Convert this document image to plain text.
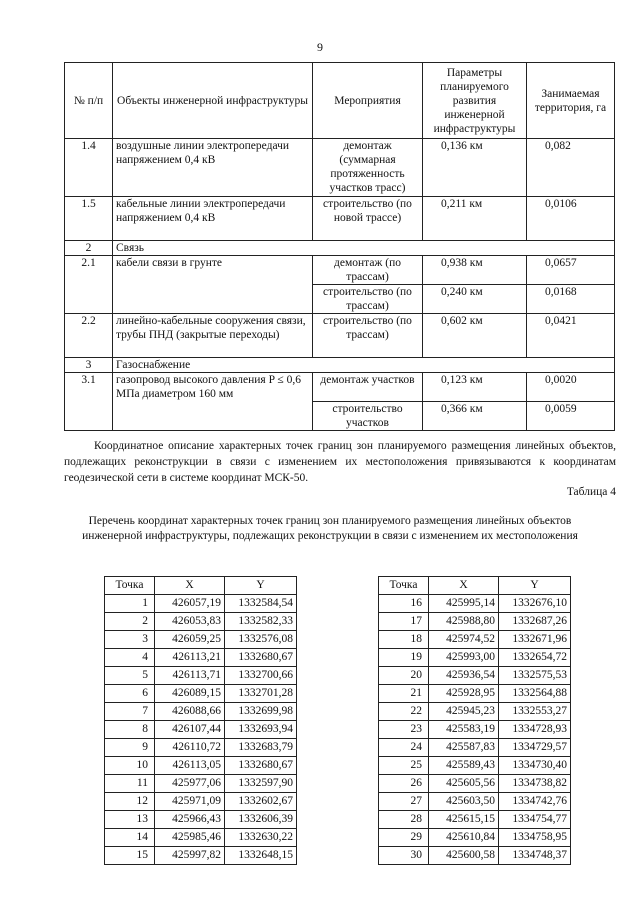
9
№ п/п	Объекты инженерной инфраструктуры	Мероприятия	Параметры планируемого развития инженерной инфраструктуры	Занимаемая территория, га
1.4	воздушные линии электропередачи напряжением 0,4 кВ	демонтаж (суммарная протяженность участков трасс)	0,136 км	0,082
1.5	кабельные линии электропередачи напряжением 0,4 кВ	строительство (по новой трассе)	0,211 км	0,0106
2	Связь			
2.1	кабели связи в грунте	демонтаж (по трассам)	0,938 км	0,0657
		строительство (по трассам)	0,240 км	0,0168
2.2	линейно-кабельные сооружения связи, трубы ПНД (закрытые переходы)	строительство (по трассам)	0,602 км	0,0421
3	Газоснабжение			
3.1	газопровод высокого давления P ≤ 0,6 МПа диаметром 160 мм	демонтаж участков	0,123 км	0,0020
		строительство участков	0,366 км	0,0059
Координатное описание характерных точек границ зон планируемого размещения линейных объектов, подлежащих реконструкции в связи с изменением их местоположения привязываются к координатам геодезической сети в системе координат МСК-50.
Таблица 4
Перечень координат характерных точек границ зон планируемого размещения линейных объектов инженерной инфраструктуры, подлежащих реконструкции в связи с изменением их местоположения
Точка	X	Y
1	426057,19	1332584,54
2	426053,83	1332582,33
3	426059,25	1332576,08
4	426113,21	1332680,67
5	426113,71	1332700,66
6	426089,15	1332701,28
7	426088,66	1332699,98
8	426107,44	1332693,94
9	426110,72	1332683,79
10	426113,05	1332680,67
11	425977,06	1332597,90
12	425971,09	1332602,67
13	425966,43	1332606,39
14	425985,46	1332630,22
15	425997,82	1332648,15
Точка	X	Y
16	425995,14	1332676,10
17	425988,80	1332687,26
18	425974,52	1332671,96
19	425993,00	1332654,72
20	425936,54	1332575,53
21	425928,95	1332564,88
22	425945,23	1332553,27
23	425583,19	1334728,93
24	425587,83	1334729,57
25	425589,43	1334730,40
26	425605,56	1334738,82
27	425603,50	1334742,76
28	425615,15	1334754,77
29	425610,84	1334758,95
30	425600,58	1334748,37
